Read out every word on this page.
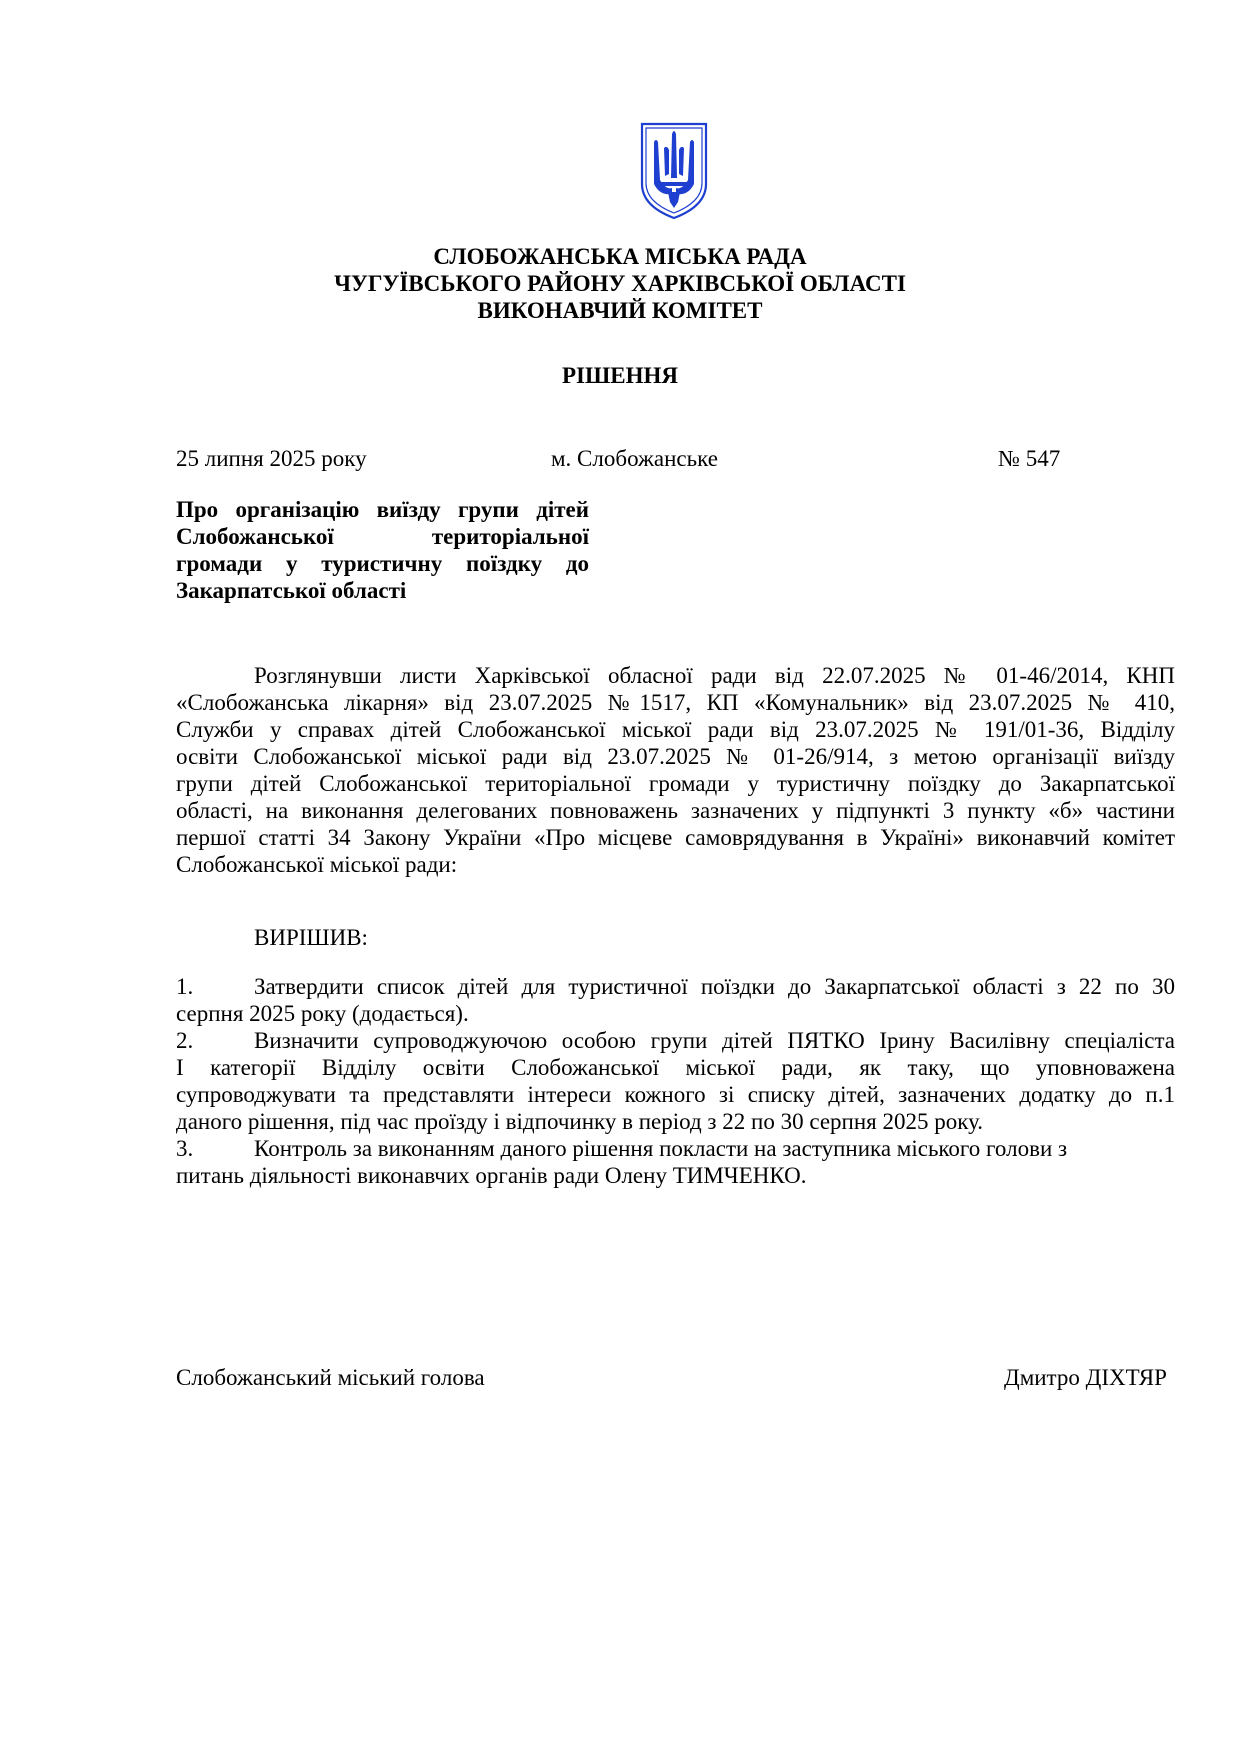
СЛОБОЖАНСЬКА МІСЬКА РАДА
ЧУГУЇВСЬКОГО РАЙОНУ ХАРКІВСЬКОЇ ОБЛАСТІ
ВИКОНАВЧИЙ КОМІТЕТ
РІШЕННЯ
25 липня 2025 року	м. Слобожанське	№ 547
Про організацію виїзду групи дітей
Слобожанської територіальної
громади у туристичну поїздку до
Закарпатської області

Розглянувши листи Харківської обласної ради від 22.07.2025 № 01-46/2014, КНП
«Слобожанська лікарня» від 23.07.2025 №1517, КП «Комунальник» від 23.07.2025 № 410,
Служби у справах дітей Слобожанської міської ради від 23.07.2025 № 191/01-36, Відділу
освіти Слобожанської міської ради від 23.07.2025 № 01-26/914, з метою організації виїзду
групи дітей Слобожанської територіальної громади у туристичну поїздку до Закарпатської
області, на виконання делегованих повноважень зазначених у підпункті 3 пункту «б» частини
першої статті 34 Закону України «Про місцеве самоврядування в Україні» виконавчий комітет
Слобожанської міської ради:

ВИРІШИВ:

1.	Затвердити список дітей для туристичної поїздки до Закарпатської області з 22 по 30
серпня 2025 року (додається).

2.	Визначити супроводжуючою особою групи дітей ПЯТКО Ірину Василівну спеціаліста
І категорії Відділу освіти Слобожанської міської ради, як таку, що уповноважена
супроводжувати та представляти інтереси кожного зі списку дітей, зазначених додатку до п.1
даного рішення, під час проїзду і відпочинку в період з 22 по 30 серпня 2025 року.

3.	Контроль за виконанням даного рішення покласти на заступника міського голови з
питань діяльності виконавчих органів ради Олену ТИМЧЕНКО.

Слобожанський міський голова	Дмитро ДІХТЯР
